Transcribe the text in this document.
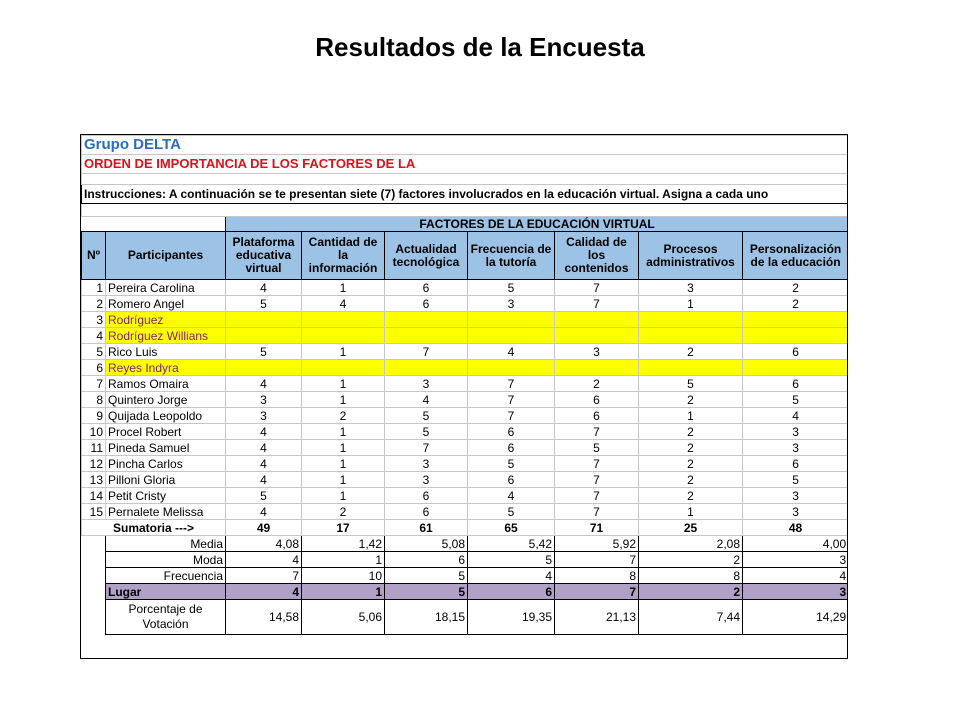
Resultados de la Encuesta
Grupo DELTA								
ORDEN DE IMPORTANCIA DE LOS FACTORES DE LA								

Instrucciones: A continuación se te presentan siete (7) factores involucrados en la educación virtual. Asigna a cada uno								

		FACTORES DE LA EDUCACIÓN VIRTUAL						
Nº	Participantes	Plataforma educativa virtual	Cantidad de la información	Actualidad tecnológica	Frecuencia de la tutoría	Calidad de los contenidos	Procesos administrativos	Personalización de la educación
1	Pereira Carolina	4	1	6	5	7	3	2
2	Romero Angel	5	4	6	3	7	1	2
3	Rodríguez							
4	Rodríguez Willians							
5	Rico Luis	5	1	7	4	3	2	6
6	Reyes Indyra							
7	Ramos Omaira	4	1	3	7	2	5	6
8	Quintero Jorge	3	1	4	7	6	2	5
9	Quijada Leopoldo	3	2	5	7	6	1	4
10	Procel Robert	4	1	5	6	7	2	3
11	Pineda Samuel	4	1	7	6	5	2	3
12	Pincha Carlos	4	1	3	5	7	2	6
13	Pilloni Gloria	4	1	3	6	7	2	5
14	Petit Cristy	5	1	6	4	7	2	3
15	Pernalete Melissa	4	2	6	5	7	1	3
Sumatoria --->		49	17	61	65	71	25	48
	Media	4,08	1,42	5,08	5,42	5,92	2,08	4,00
	Moda	4	1	6	5	7	2	3
	Frecuencia	7	10	5	4	8	8	4
	Lugar	4	1	5	6	7	2	3
	Porcentaje de Votación	14,58	5,06	18,15	19,35	21,13	7,44	14,29
